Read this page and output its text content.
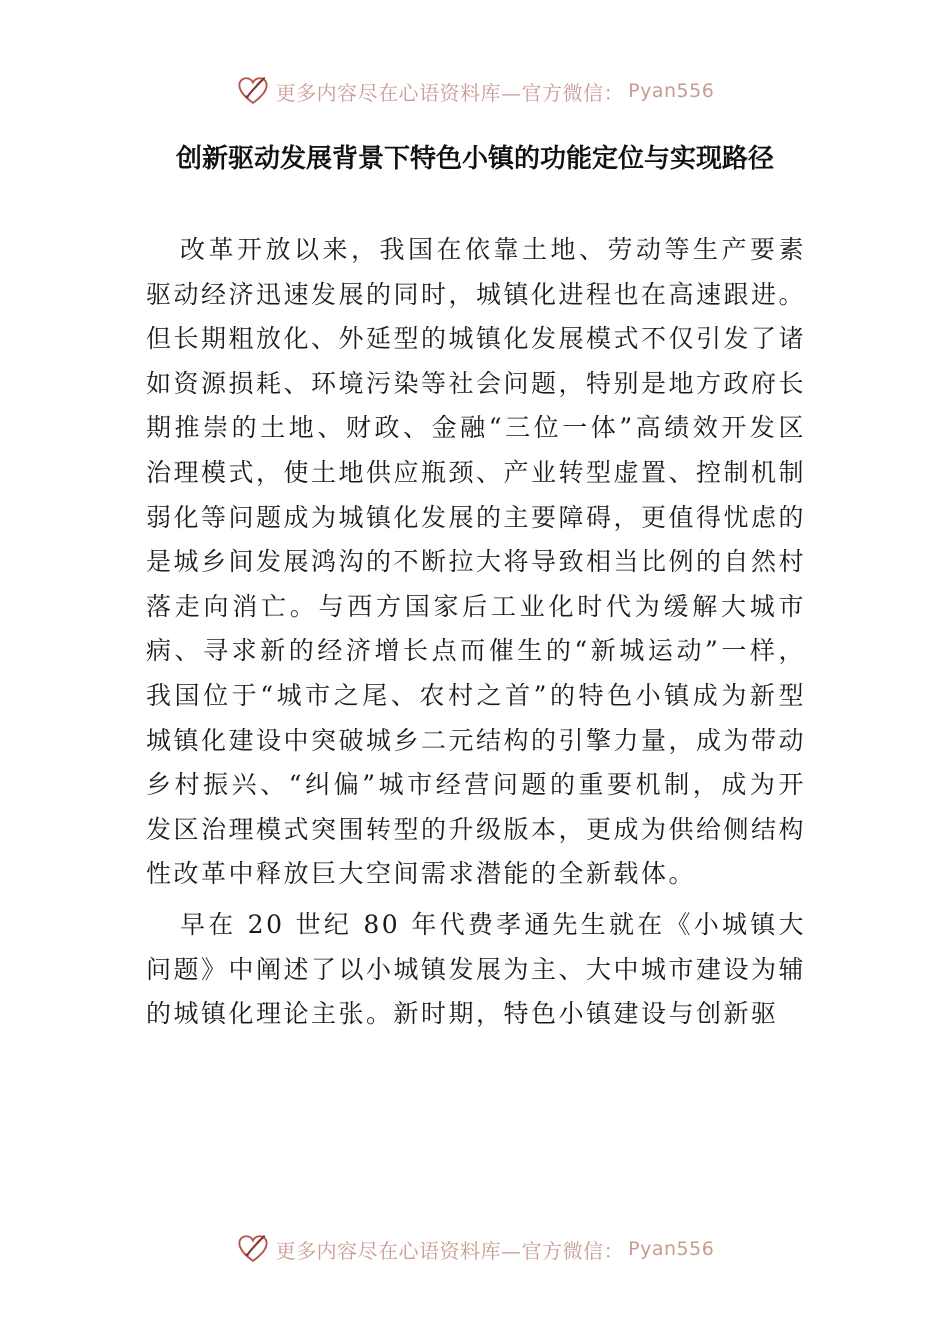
更多内容尽在心语资料库—官方微信： Pyan556
创新驱动发展背景下特色小镇的功能定位与实现路径

改革开放以来，我国在依靠土地、劳动等生产要素驱动经济迅速发展的同时，城镇化进程也在高速跟进。但长期粗放化、外延型的城镇化发展模式不仅引发了诸如资源损耗、环境污染等社会问题，特别是地方政府长期推崇的土地、财政、金融“三位一体”高绩效开发区治理模式，使土地供应瓶颈、产业转型虚置、控制机制弱化等问题成为城镇化发展的主要障碍，更值得忧虑的是城乡间发展鸿沟的不断拉大将导致相当比例的自然村落走向消亡。与西方国家后工业化时代为缓解大城市病、寻求新的经济增长点而催生的“新城运动”一样，我国位于“城市之尾、农村之首”的特色小镇成为新型城镇化建设中突破城乡二元结构的引擎力量，成为带动乡村振兴、“纠偏”城市经营问题的重要机制，成为开发区治理模式突围转型的升级版本，更成为供给侧结构性改革中释放巨大空间需求潜能的全新载体。

早在 20 世纪 80 年代费孝通先生就在《小城镇大问题》中阐述了以小城镇发展为主、大中城市建设为辅的城镇化理论主张。新时期，特色小镇建设与创新驱

更多内容尽在心语资料库—官方微信： Pyan556
